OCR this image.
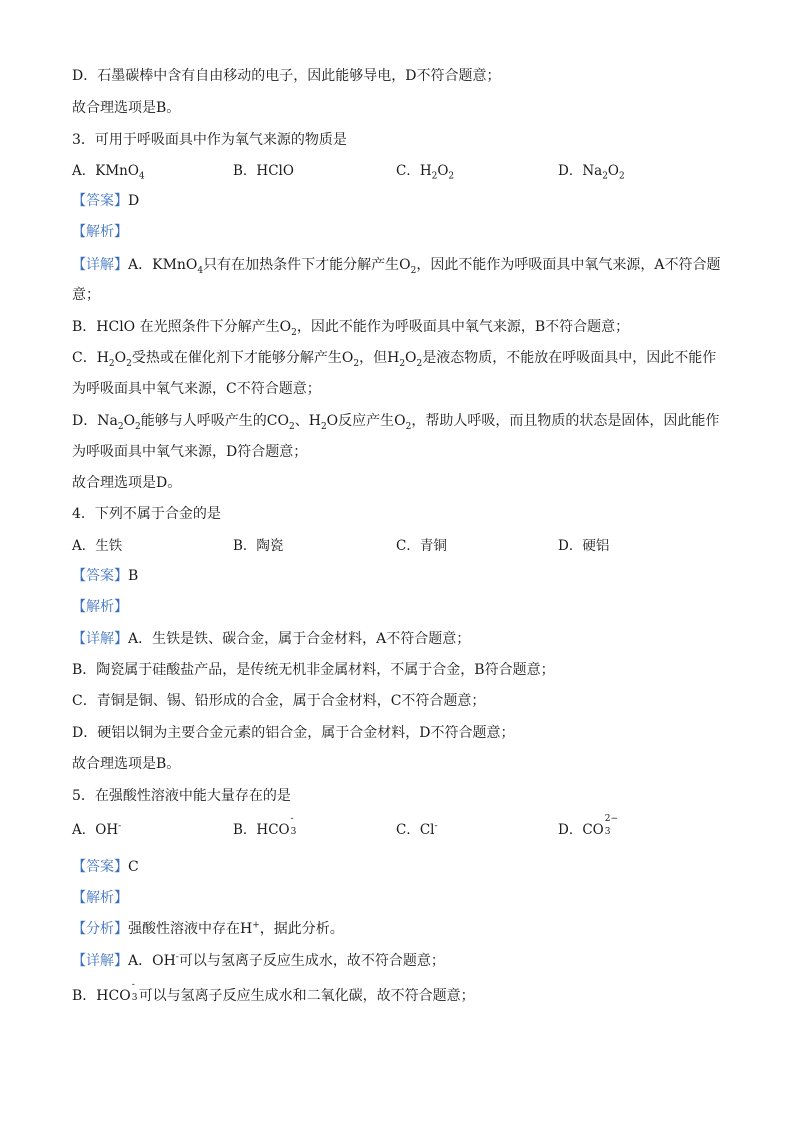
D．石墨碳棒中含有自由移动的电子，因此能够导电，D不符合题意；
故合理选项是B。
3．可用于呼吸面具中作为氧气来源的物质是
A．KMnO$_4$	B．HClO	C．$H_2O_2$	D．$Na_2O_2$
【答案】D
【解析】
【详解】A．KMnO$_4$只有在加热条件下才能分解产生$O_2$，因此不能作为呼吸面具中氧气来源，A不符合题
意；
B．HClO 在光照条件下分解产生$O_2$，因此不能作为呼吸面具中氧气来源，B不符合题意；
C．$H_2O_2$受热或在催化剂下才能够分解产生$O_2$，但$H_2O_2$是液态物质，不能放在呼吸面具中，因此不能作
为呼吸面具中氧气来源，C不符合题意；
D．$Na_2O_2$能够与人呼吸产生的$CO_2$、$H_2O$反应产生$O_2$，帮助人呼吸，而且物质的状态是固体，因此能作
为呼吸面具中氧气来源，D符合题意；
故合理选项是D。
4．下列不属于合金的是
A．生铁	B．陶瓷	C．青铜	D．硬铝
【答案】B
【解析】
【详解】A．生铁是铁、碳合金，属于合金材料，A不符合题意；
B．陶瓷属于硅酸盐产品，是传统无机非金属材料，不属于合金，B符合题意；
C．青铜是铜、锡、铅形成的合金，属于合金材料，C不符合题意；
D．硬铝以铜为主要合金元素的铝合金，属于合金材料，D不符合题意；
故合理选项是B。
5．在强酸性溶液中能大量存在的是
A．OH-	B．HCO
-
3	C．Cl-	D．CO
2−
3
【答案】C
【解析】
【分析】强酸性溶液中存在H+，据此分析。
【详解】A．OH-可以与氢离子反应生成水，故不符合题意；
B．HCO
-
3 可以与氢离子反应生成水和二氧化碳，故不符合题意；
